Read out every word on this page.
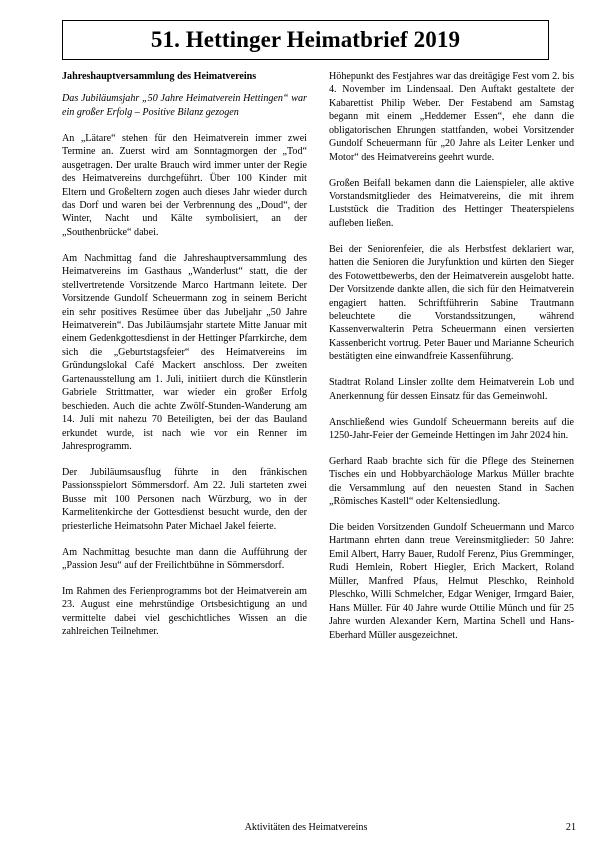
51. Hettinger Heimatbrief 2019
Jahreshauptversammlung des Heimatvereins

Das Jubiläumsjahr „50 Jahre Heimatverein Hettingen“ war ein großer Erfolg – Positive Bilanz gezogen

An „Lätare“ stehen für den Heimatverein immer zwei Termine an. Zuerst wird am Sonntagmorgen der „Tod“ ausgetragen. Der uralte Brauch wird immer unter der Regie des Heimatvereins durchgeführt. Über 100 Kinder mit Eltern und Großeltern zogen auch dieses Jahr wieder durch das Dorf und waren bei der Verbrennung des „Doud“, der Winter, Nacht und Kälte symbolisiert, an der „Southenbrücke“ dabei.

Am Nachmittag fand die Jahreshauptversammlung des Heimatvereins im Gasthaus „Wanderlust“ statt, die der stellvertretende Vorsitzende Marco Hartmann leitete. Der Vorsitzende Gundolf Scheuermann zog in seinem Bericht ein sehr positives Resümee über das Jubeljahr „50 Jahre Heimatverein“. Das Jubiläumsjahr startete Mitte Januar mit einem Gedenkgottesdienst in der Hettinger Pfarrkirche, dem sich die „Geburtstagsfeier“ des Heimatvereins im Gründungslokal Café Mackert anschloss. Der zweiten Gartenausstellung am 1. Juli, initiiert durch die Künstlerin Gabriele Strittmatter, war wieder ein großer Erfolg beschieden. Auch die achte Zwölf-Stunden-Wanderung am 14. Juli mit nahezu 70 Beteiligten, bei der das Bauland erkundet wurde, ist nach wie vor ein Renner im Jahresprogramm.

Der Jubiläumsausflug führte in den fränkischen Passionsspielort Sömmersdorf. Am 22. Juli starteten zwei Busse mit 100 Personen nach Würzburg, wo in der Karmelitenkirche der Gottesdienst besucht wurde, den der priesterliche Heimatsohn Pater Michael Jakel feierte.

Am Nachmittag besuchte man dann die Aufführung der „Passion Jesu“ auf der Freilichtbühne in Sömmersdorf.

Im Rahmen des Ferienprogramms bot der Heimatverein am 23. August eine mehrstündige Ortsbesichtigung an und vermittelte dabei viel geschichtliches Wissen an die zahlreichen Teilnehmer.

Höhepunkt des Festjahres war das dreitägige Fest vom 2. bis 4. November im Lindensaal. Den Auftakt gestaltete der Kabarettist Philip Weber. Der Festabend am Samstag begann mit einem „Heddemer Essen“, ehe dann die obligatorischen Ehrungen stattfanden, wobei Vorsitzender Gundolf Scheuermann für „20 Jahre als Leiter Lenker und Motor“ des Heimatvereins geehrt wurde.

Großen Beifall bekamen dann die Laienspieler, alle aktive Vorstandsmitglieder des Heimatvereins, die mit ihrem Luststück die Tradition des Hettinger Theaterspielens aufleben ließen.

Bei der Seniorenfeier, die als Herbstfest deklariert war, hatten die Senioren die Juryfunktion und kürten den Sieger des Fotowettbewerbs, den der Heimatverein ausgelobt hatte. Der Vorsitzende dankte allen, die sich für den Heimatverein engagiert hatten. Schriftführerin Sabine Trautmann beleuchtete die Vorstandssitzungen, während Kassenverwalterin Petra Scheuermann einen versierten Kassenbericht vortrug. Peter Bauer und Marianne Scheurich bestätigten eine einwandfreie Kassenführung.

Stadtrat Roland Linsler zollte dem Heimatverein Lob und Anerkennung für dessen Einsatz für das Gemeinwohl.

Anschließend wies Gundolf Scheuermann bereits auf die 1250-Jahr-Feier der Gemeinde Hettingen im Jahr 2024 hin.

Gerhard Raab brachte sich für die Pflege des Steinernen Tisches ein und Hobbyarchäologe Markus Müller brachte die Versammlung auf den neuesten Stand in Sachen „Römisches Kastell“ oder Keltensiedlung.

Die beiden Vorsitzenden Gundolf Scheuermann und Marco Hartmann ehrten dann treue Vereinsmitglieder: 50 Jahre: Emil Albert, Harry Bauer, Rudolf Ferenz, Pius Gremminger, Rudi Hemlein, Robert Hiegler, Erich Mackert, Roland Müller, Manfred Pfaus, Helmut Pleschko, Reinhold Pleschko, Willi Schmelcher, Edgar Weniger, Irmgard Baier, Hans Müller. Für 40 Jahre wurde Ottilie Münch und für 25 Jahre wurden Alexander Kern, Martina Schell und Hans-Eberhard Müller ausgezeichnet.

Aktivitäten des Heimatvereins	21
